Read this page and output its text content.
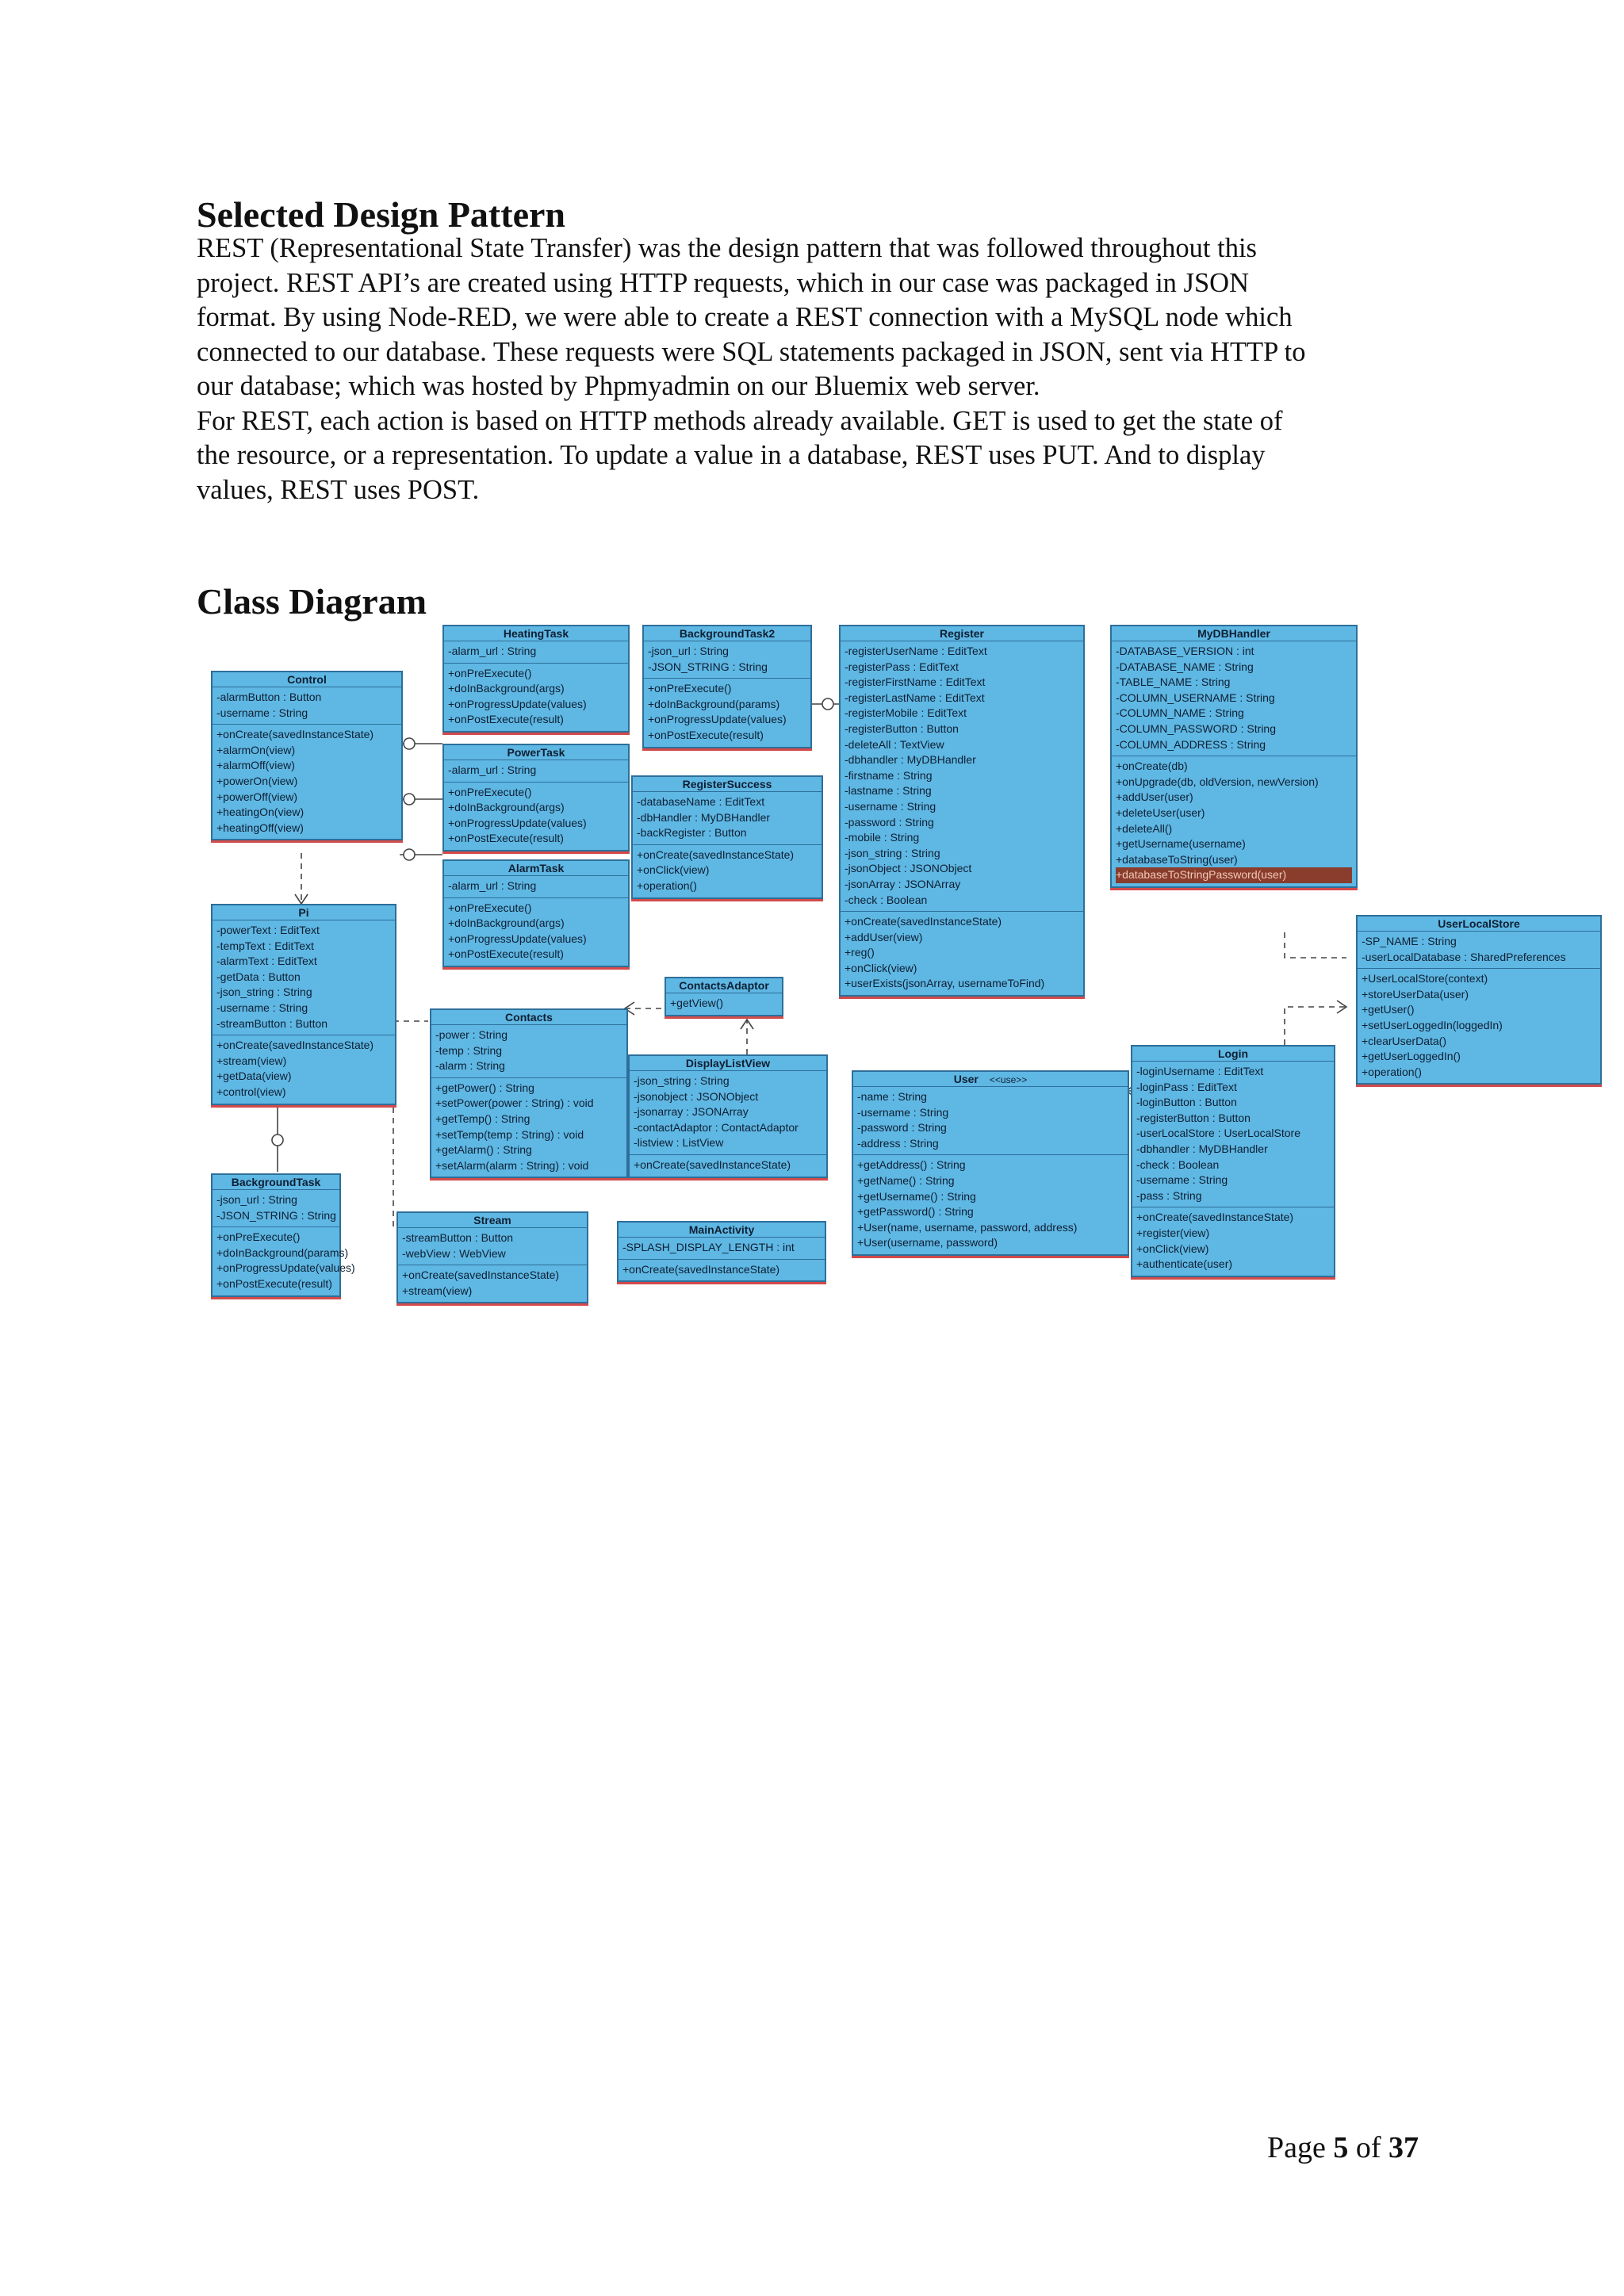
Selected Design Pattern

REST (Representational State Transfer) was the design pattern that was followed throughout this

project. REST API’s are created using HTTP requests, which in our case was packaged in JSON

format. By using Node-RED, we were able to create a REST connection with a MySQL node which

connected to our database. These requests were SQL statements packaged in JSON, sent via HTTP to

our database; which was hosted by Phpmyadmin on our Bluemix web server.

For REST, each action is based on HTTP methods already available. GET is used to get the state of

the resource, or a representation. To update a value in a database, REST uses PUT. And to display

values, REST uses POST.

Class Diagram
HeatingTask
-alarm_url : String
+onPreExecute()
+doInBackground(args)
+onProgressUpdate(values)
+onPostExecute(result)
PowerTask
-alarm_url : String
+onPreExecute()
+doInBackground(args)
+onProgressUpdate(values)
+onPostExecute(result)
AlarmTask
-alarm_url : String
+onPreExecute()
+doInBackground(args)
+onProgressUpdate(values)
+onPostExecute(result)
Control
-alarmButton : Button
-username : String
+onCreate(savedInstanceState)
+alarmOn(view)
+alarmOff(view)
+powerOn(view)
+powerOff(view)
+heatingOn(view)
+heatingOff(view)
Pi
-powerText : EditText
-tempText : EditText
-alarmText : EditText
-getData : Button
-json_string : String
-username : String
-streamButton : Button
+onCreate(savedInstanceState)
+stream(view)
+getData(view)
+control(view)
BackgroundTask
-json_url : String
-JSON_STRING : String
+onPreExecute()
+doInBackground(params)
+onProgressUpdate(values)
+onPostExecute(result)
BackgroundTask2
-json_url : String
-JSON_STRING : String
+onPreExecute()
+doInBackground(params)
+onProgressUpdate(values)
+onPostExecute(result)
RegisterSuccess
-databaseName : EditText
-dbHandler : MyDBHandler
-backRegister : Button
+onCreate(savedInstanceState)
+onClick(view)
+operation()
ContactsAdaptor
+getView()
Contacts
-power : String
-temp : String
-alarm : String
+getPower() : String
+setPower(power : String) : void
+getTemp() : String
+setTemp(temp : String) : void
+getAlarm() : String
+setAlarm(alarm : String) : void
DisplayListView
-json_string : String
-jsonobject : JSONObject
-jsonarray : JSONArray
-contactAdaptor : ContactAdaptor
-listview : ListView
+onCreate(savedInstanceState)
Stream
-streamButton : Button
-webView : WebView
+onCreate(savedInstanceState)
+stream(view)
MainActivity
-SPLASH_DISPLAY_LENGTH : int
+onCreate(savedInstanceState)
Register
-registerUserName : EditText
-registerPass : EditText
-registerFirstName : EditText
-registerLastName : EditText
-registerMobile : EditText
-registerButton : Button
-deleteAll : TextView
-dbhandler : MyDBHandler
-firstname : String
-lastname : String
-username : String
-password : String
-mobile : String
-json_string : String
-jsonObject : JSONObject
-jsonArray : JSONArray
-check : Boolean
+onCreate(savedInstanceState)
+addUser(view)
+reg()
+onClick(view)
+userExists(jsonArray, usernameToFind)
User <<use>>
-name : String
-username : String
-password : String
-address : String
+getAddress() : String
+getName() : String
+getUsername() : String
+getPassword() : String
+User(name, username, password, address)
+User(username, password)
MyDBHandler
-DATABASE_VERSION : int
-DATABASE_NAME : String
-TABLE_NAME : String
-COLUMN_USERNAME : String
-COLUMN_NAME : String
-COLUMN_PASSWORD : String
-COLUMN_ADDRESS : String
+onCreate(db)
+onUpgrade(db, oldVersion, newVersion)
+addUser(user)
+deleteUser(user)
+deleteAll()
+getUsername(username)
+databaseToString(user)
+databaseToStringPassword(user)
UserLocalStore
-SP_NAME : String
-userLocalDatabase : SharedPreferences
+UserLocalStore(context)
+storeUserData(user)
+getUser()
+setUserLoggedIn(loggedIn)
+clearUserData()
+getUserLoggedIn()
+operation()
Login
-loginUsername : EditText
-loginPass : EditText
-loginButton : Button
-registerButton : Button
-userLocalStore : UserLocalStore
-dbhandler : MyDBHandler
-check : Boolean
-username : String
-pass : String
+onCreate(savedInstanceState)
+register(view)
+onClick(view)
+authenticate(user)
Page 5 of 37
